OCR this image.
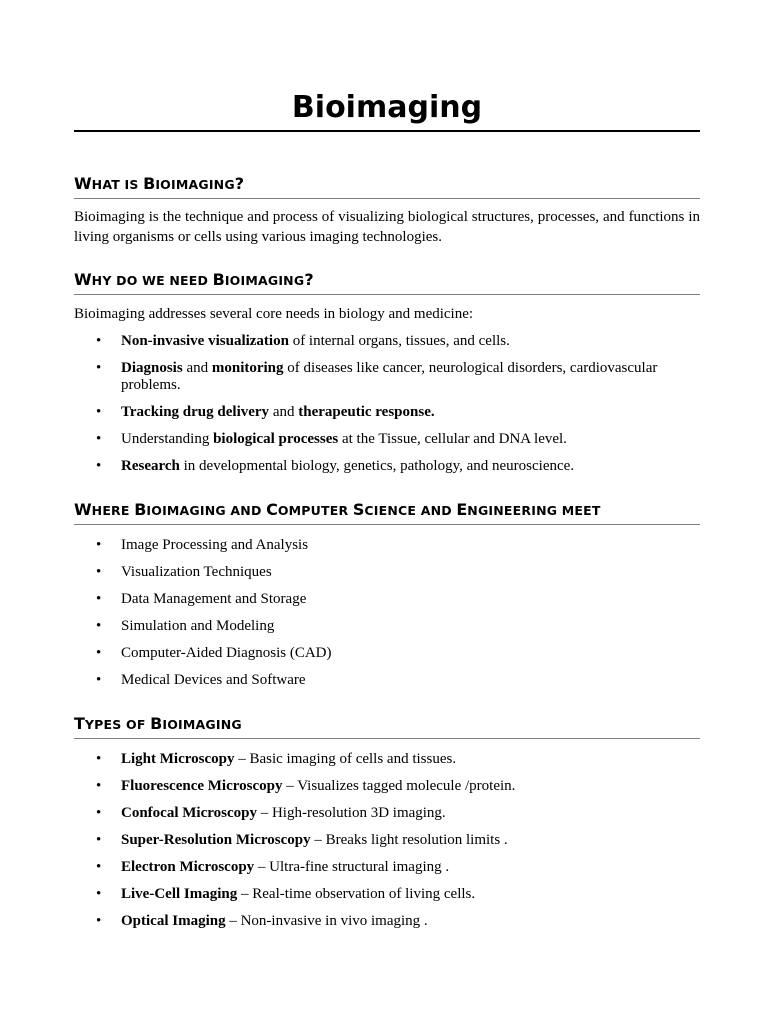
Bioimaging
WHAT IS BIOIMAGING?

Bioimaging is the technique and process of visualizing biological structures, processes, and functions in living organisms or cells using various imaging technologies.

WHY DO WE NEED BIOIMAGING?

Bioimaging addresses several core needs in biology and medicine:

• Non-invasive visualization of internal organs, tissues, and cells.
• Diagnosis and monitoring of diseases like cancer, neurological disorders, cardiovascular problems.
• Tracking drug delivery and therapeutic response.
• Understanding biological processes at the Tissue, cellular and DNA level.
• Research in developmental biology, genetics, pathology, and neuroscience.
WHERE BIOIMAGING AND COMPUTER SCIENCE AND ENGINEERING MEET
• Image Processing and Analysis
• Visualization Techniques
• Data Management and Storage
• Simulation and Modeling
• Computer-Aided Diagnosis (CAD)
• Medical Devices and Software
TYPES OF BIOIMAGING
• Light Microscopy – Basic imaging of cells and tissues.
• Fluorescence Microscopy – Visualizes tagged molecule /protein.
• Confocal Microscopy – High-resolution 3D imaging.
• Super-Resolution Microscopy – Breaks light resolution limits .
• Electron Microscopy – Ultra-fine structural imaging .
• Live-Cell Imaging – Real-time observation of living cells.
• Optical Imaging – Non-invasive in vivo imaging .
